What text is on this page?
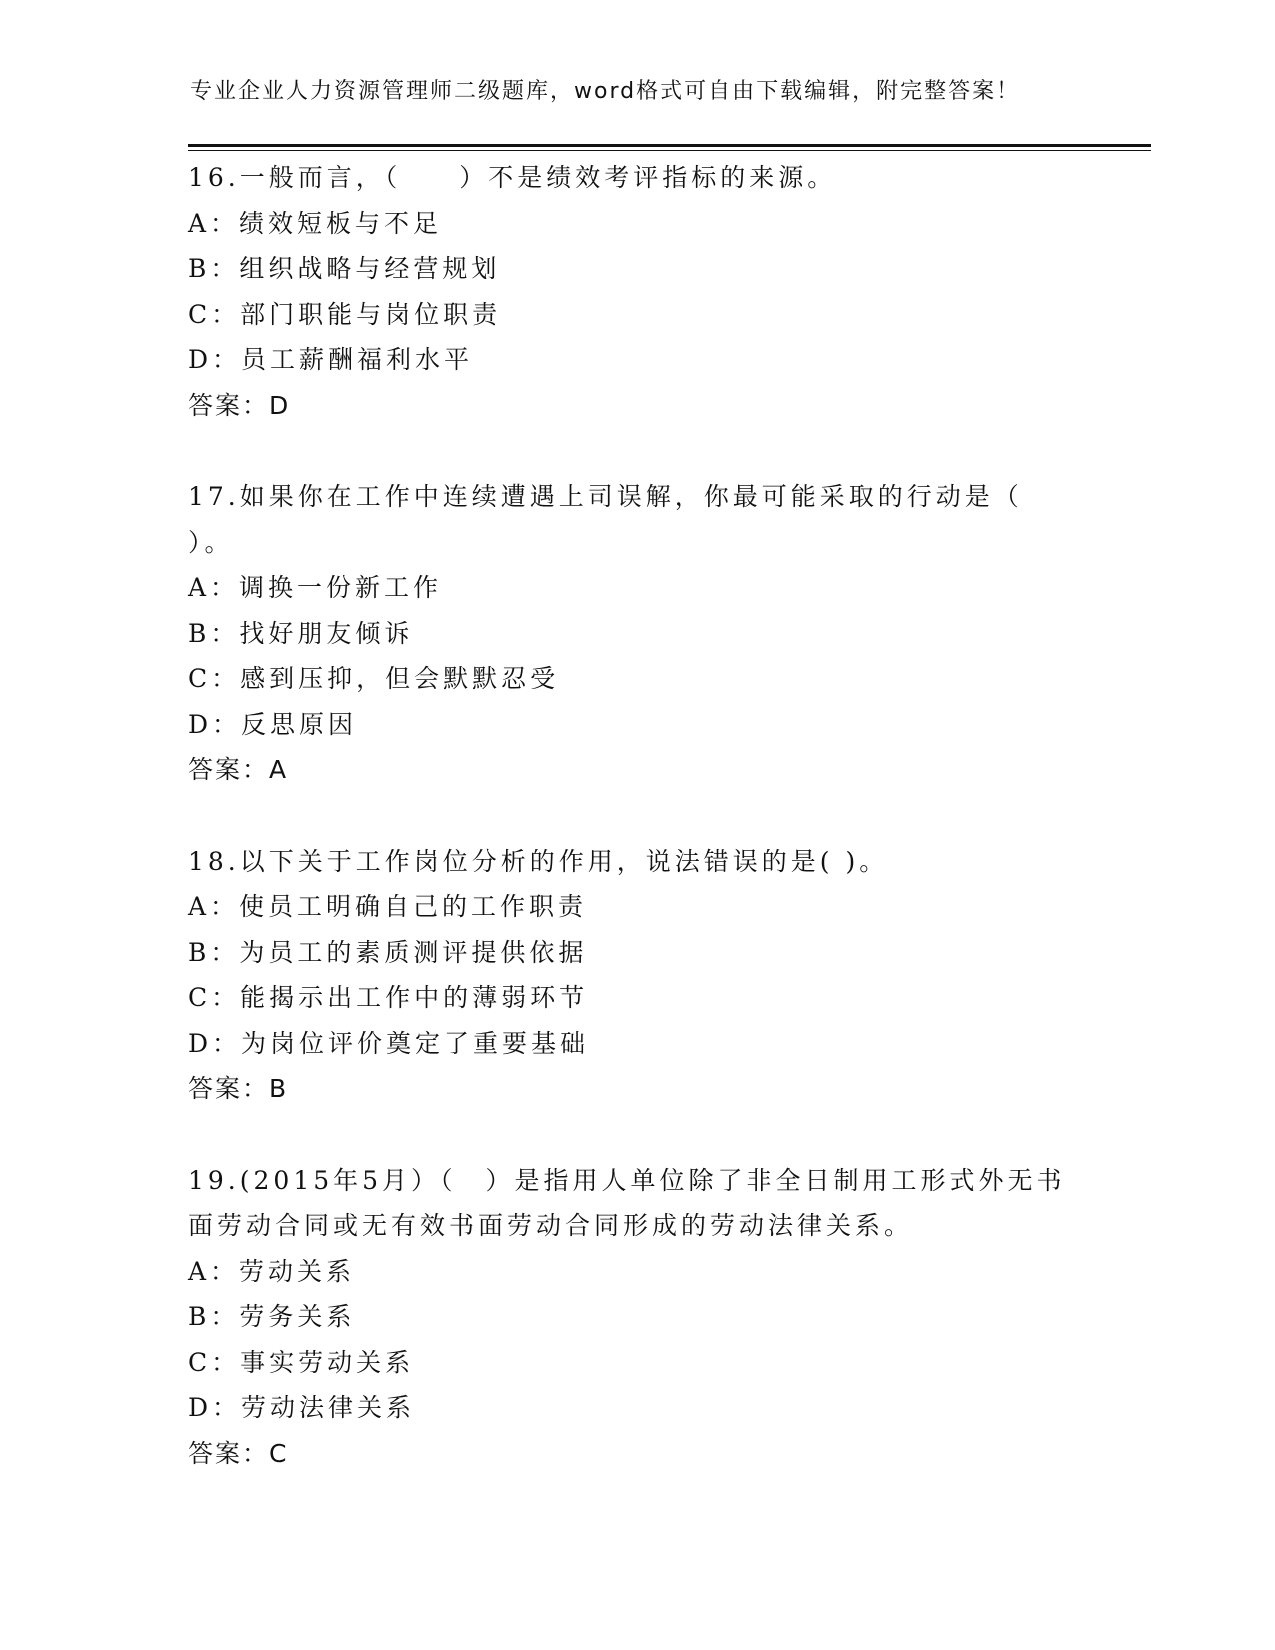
专业企业人力资源管理师二级题库，word格式可自由下载编辑，附完整答案！
16.一般而言，（　　）不是绩效考评指标的来源。
A：绩效短板与不足
B：组织战略与经营规划
C：部门职能与岗位职责
D：员工薪酬福利水平
答案：D
17.如果你在工作中连续遭遇上司误解，你最可能采取的行动是（
）。
A：调换一份新工作
B：找好朋友倾诉
C：感到压抑，但会默默忍受
D：反思原因
答案：A
18.以下关于工作岗位分析的作用，说法错误的是( )。
A：使员工明确自己的工作职责
B：为员工的素质测评提供依据
C：能揭示出工作中的薄弱环节
D：为岗位评价奠定了重要基础
答案：B
19.(2015年5月）（　）是指用人单位除了非全日制用工形式外无书
面劳动合同或无有效书面劳动合同形成的劳动法律关系。
A：劳动关系
B：劳务关系
C：事实劳动关系
D：劳动法律关系
答案：C
